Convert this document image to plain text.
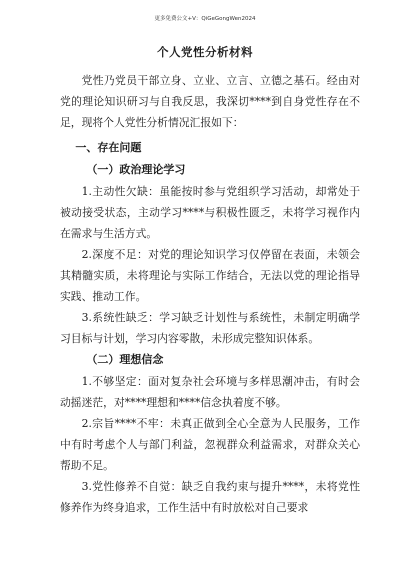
更多免费公文+V：QiGeGongWen2024
个人党性分析材料

党性乃党员干部立身、立业、立言、立德之基石。经由对党的理论知识研习与自我反思，我深切****到自身党性存在不足，现将个人党性分析情况汇报如下：

一、存在问题
（一）政治理论学习

1.主动性欠缺：虽能按时参与党组织学习活动，却常处于被动接受状态，主动学习****与积极性匮乏，未将学习视作内在需求与生活方式。

2.深度不足：对党的理论知识学习仅停留在表面，未领会其精髓实质，未将理论与实际工作结合，无法以党的理论指导实践、推动工作。

3.系统性缺乏：学习缺乏计划性与系统性，未制定明确学习目标与计划，学习内容零散，未形成完整知识体系。

（二）理想信念

1.不够坚定：面对复杂社会环境与多样思潮冲击，有时会动摇迷茫，对****理想和****信念执着度不够。

2.宗旨****不牢：未真正做到全心全意为人民服务，工作中有时考虑个人与部门利益，忽视群众利益需求，对群众关心帮助不足。

3.党性修养不自觉：缺乏自我约束与提升****，未将党性修养作为终身追求，工作生活中有时放松对自己要求
